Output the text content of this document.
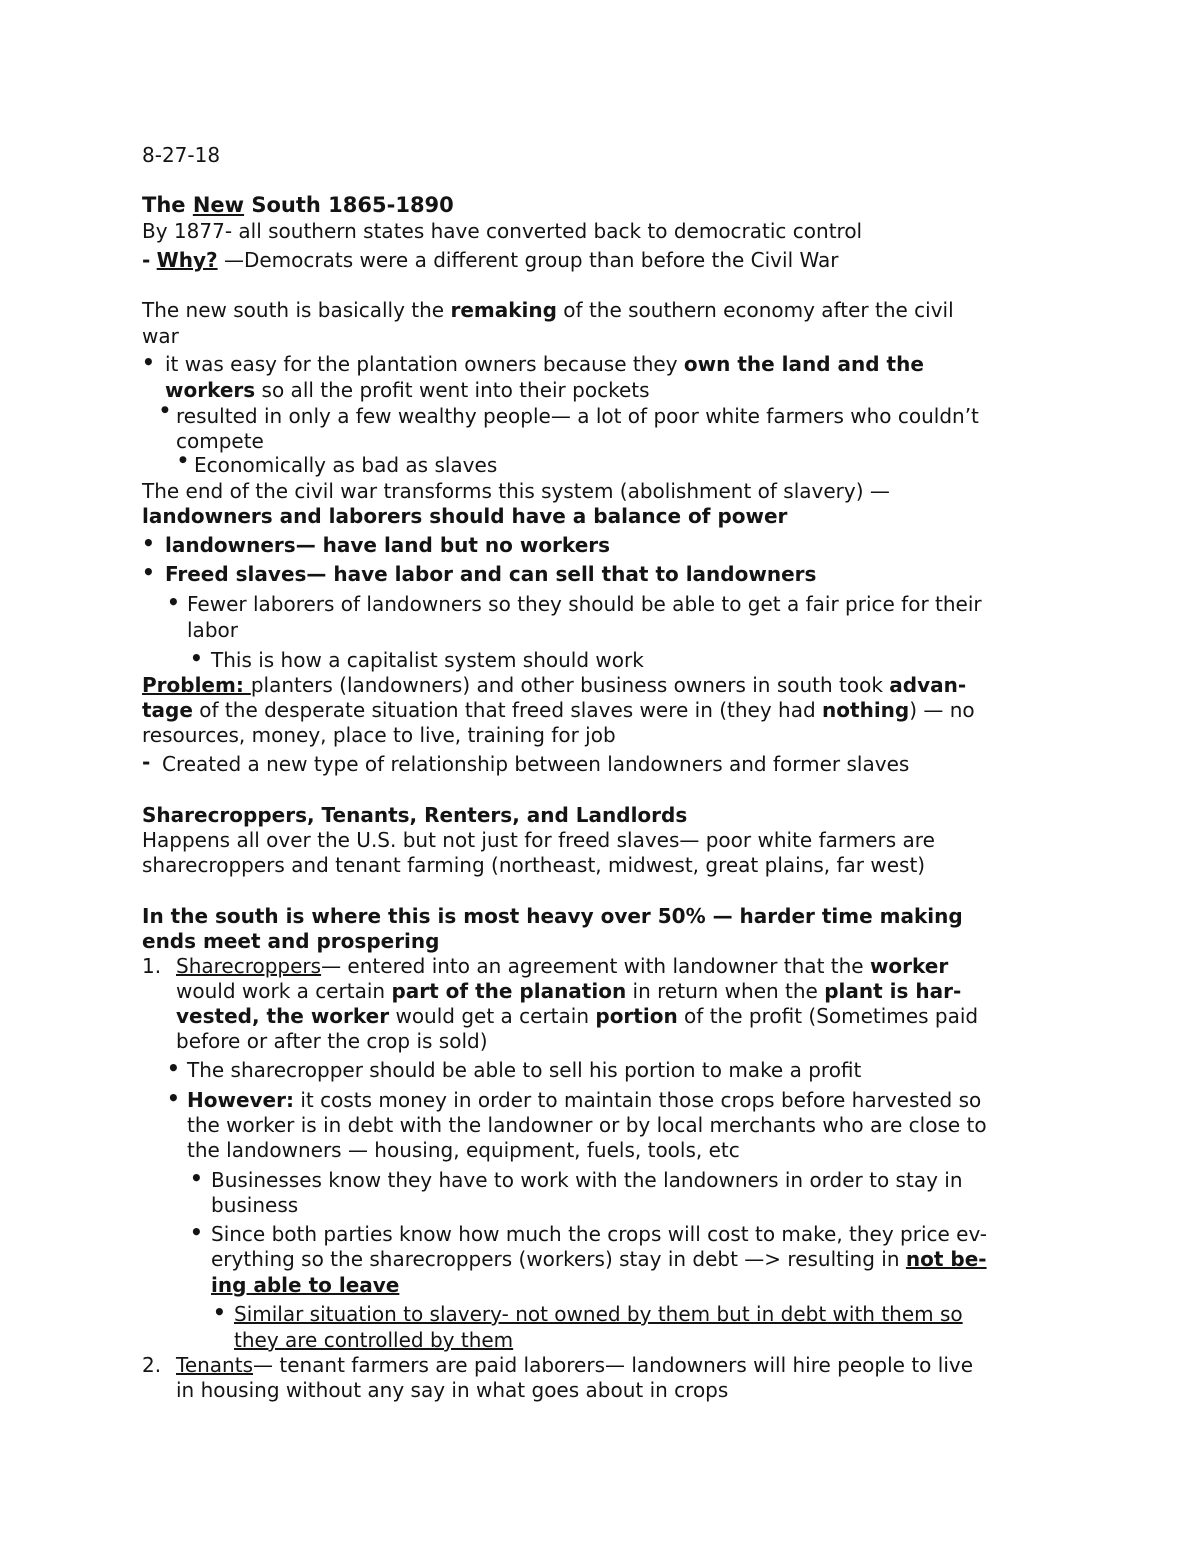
8-27-18
The New South 1865-1890
By 1877- all southern states have converted back to democratic control
- Why? —Democrats were a different group than before the Civil War
The new south is basically the remaking of the southern economy after the civil
war
• it was easy for the plantation owners because they own the land and the
workers so all the profit went into their pockets
● resulted in only a few wealthy people— a lot of poor white farmers who couldn’t
compete
● Economically as bad as slaves
The end of the civil war transforms this system (abolishment of slavery) —
landowners and laborers should have a balance of power
• landowners— have land but no workers
• Freed slaves— have labor and can sell that to landowners
• Fewer laborers of landowners so they should be able to get a fair price for their
labor
• This is how a capitalist system should work
Problem: planters (landowners) and other business owners in south took advan-
tage of the desperate situation that freed slaves were in (they had nothing) — no
resources, money, place to live, training for job
- Created a new type of relationship between landowners and former slaves
Sharecroppers, Tenants, Renters, and Landlords
Happens all over the U.S. but not just for freed slaves— poor white farmers are
sharecroppers and tenant farming (northeast, midwest, great plains, far west)
In the south is where this is most heavy over 50% — harder time making
ends meet and prospering
1. Sharecroppers— entered into an agreement with landowner that the worker
would work a certain part of the planation in return when the plant is har-
vested, the worker would get a certain portion of the profit (Sometimes paid
before or after the crop is sold)
• The sharecropper should be able to sell his portion to make a profit
• However: it costs money in order to maintain those crops before harvested so
the worker is in debt with the landowner or by local merchants who are close to
the landowners — housing, equipment, fuels, tools, etc
• Businesses know they have to work with the landowners in order to stay in
business
• Since both parties know how much the crops will cost to make, they price ev-
erything so the sharecroppers (workers) stay in debt —> resulting in not be-
ing able to leave
• Similar situation to slavery- not owned by them but in debt with them so
they are controlled by them
2. Tenants— tenant farmers are paid laborers— landowners will hire people to live
in housing without any say in what goes about in crops
